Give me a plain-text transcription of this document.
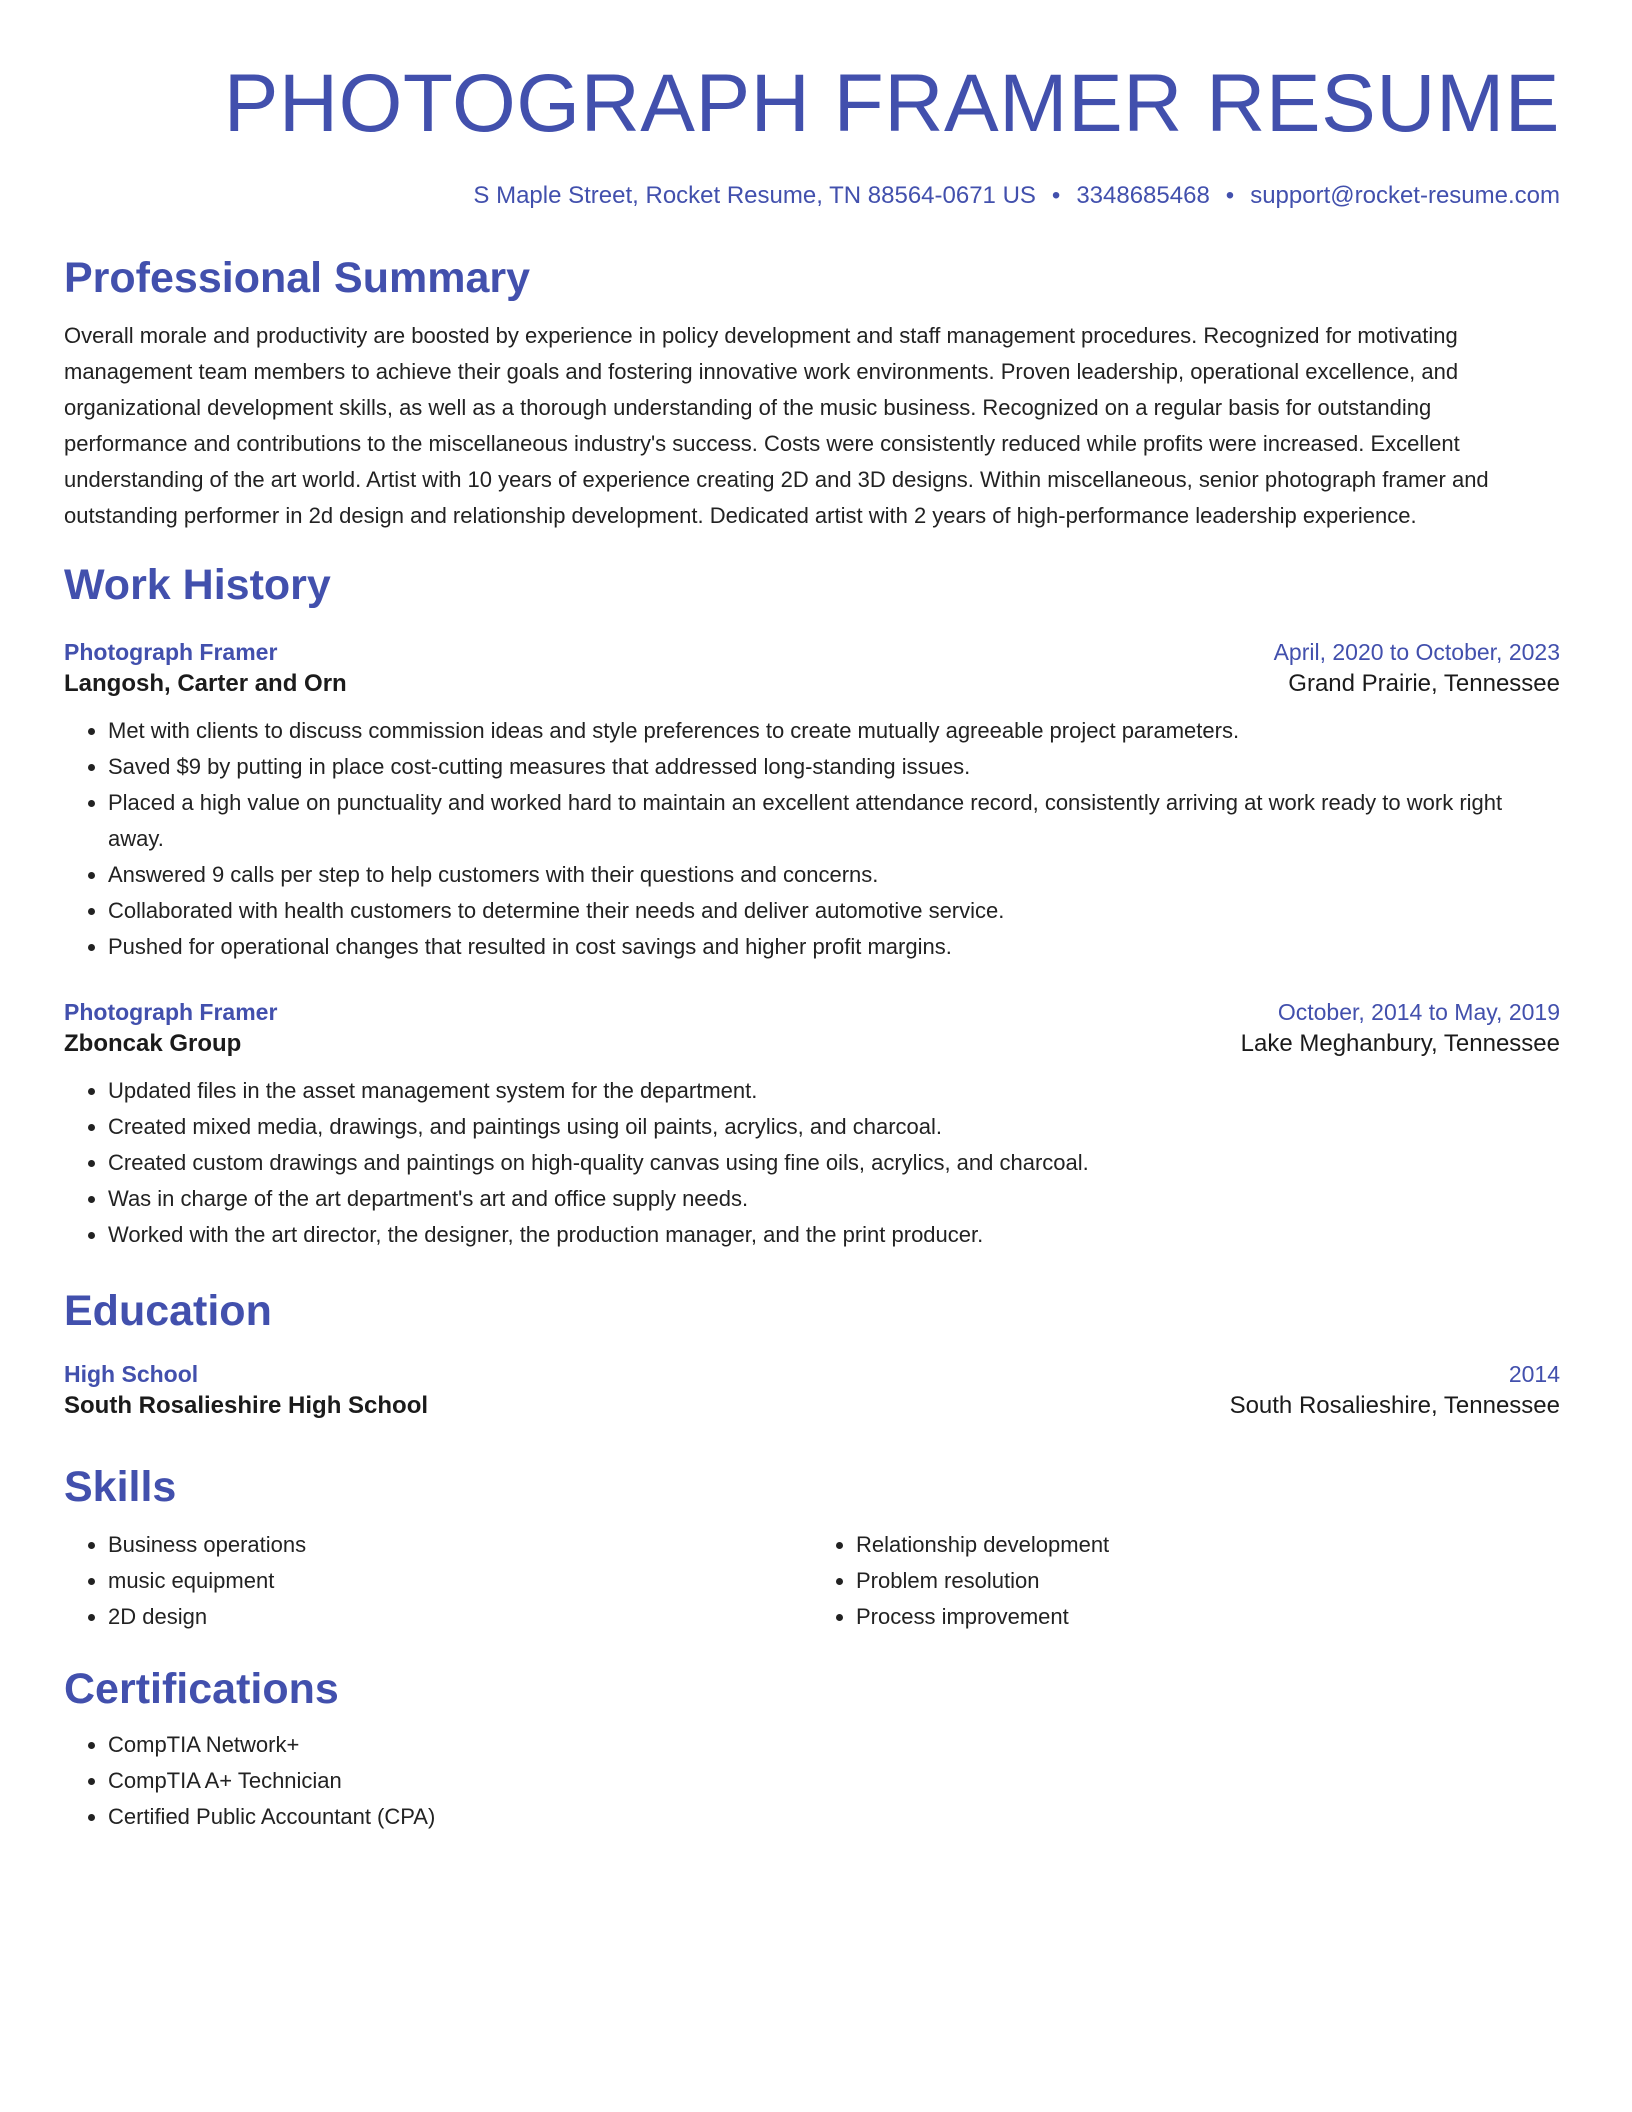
PHOTOGRAPH FRAMER RESUME
S Maple Street, Rocket Resume, TN 88564-0671 US • 3348685468 • support@rocket-resume.com
Professional Summary
Overall morale and productivity are boosted by experience in policy development and staff management procedures. Recognized for motivating management team members to achieve their goals and fostering innovative work environments. Proven leadership, operational excellence, and organizational development skills, as well as a thorough understanding of the music business. Recognized on a regular basis for outstanding performance and contributions to the miscellaneous industry's success. Costs were consistently reduced while profits were increased. Excellent understanding of the art world. Artist with 10 years of experience creating 2D and 3D designs. Within miscellaneous, senior photograph framer and outstanding performer in 2d design and relationship development. Dedicated artist with 2 years of high-performance leadership experience.
Work History
Photograph Framer	April, 2020 to October, 2023
Langosh, Carter and Orn	Grand Prairie, Tennessee
• Met with clients to discuss commission ideas and style preferences to create mutually agreeable project parameters.
• Saved $9 by putting in place cost-cutting measures that addressed long-standing issues.
• Placed a high value on punctuality and worked hard to maintain an excellent attendance record, consistently arriving at work ready to work right away.
• Answered 9 calls per step to help customers with their questions and concerns.
• Collaborated with health customers to determine their needs and deliver automotive service.
• Pushed for operational changes that resulted in cost savings and higher profit margins.
Photograph Framer	October, 2014 to May, 2019
Zboncak Group	Lake Meghanbury, Tennessee
• Updated files in the asset management system for the department.
• Created mixed media, drawings, and paintings using oil paints, acrylics, and charcoal.
• Created custom drawings and paintings on high-quality canvas using fine oils, acrylics, and charcoal.
• Was in charge of the art department's art and office supply needs.
• Worked with the art director, the designer, the production manager, and the print producer.
Education
High School	2014
South Rosalieshire High School	South Rosalieshire, Tennessee
Skills
• Business operations
• music equipment
• 2D design
• Relationship development
• Problem resolution
• Process improvement
Certifications
• CompTIA Network+
• CompTIA A+ Technician
• Certified Public Accountant (CPA)
